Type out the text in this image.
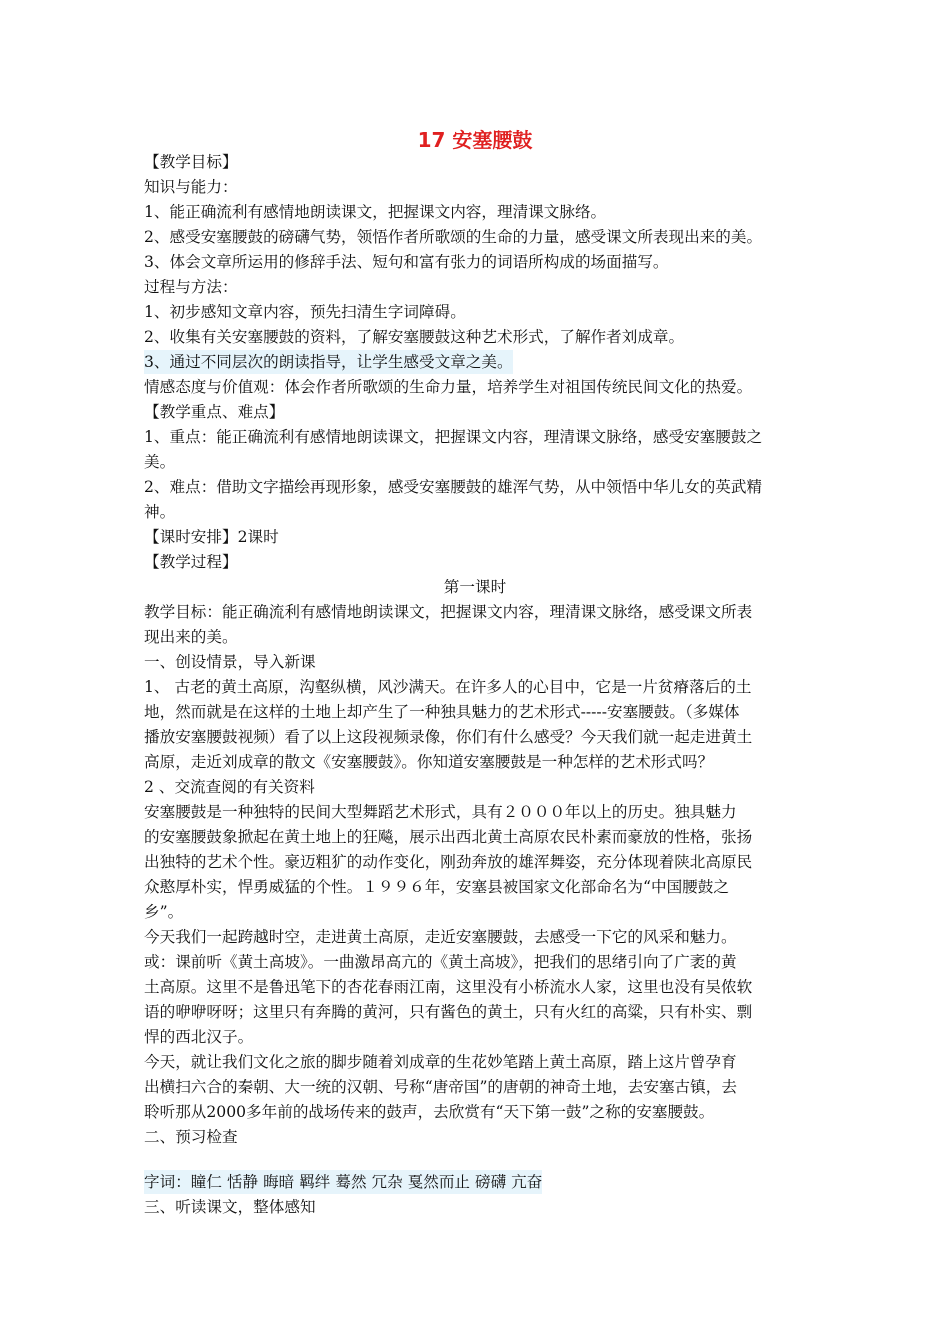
17 安塞腰鼓
【教学目标】
知识与能力：
1、能正确流利有感情地朗读课文，把握课文内容，理清课文脉络。
2、感受安塞腰鼓的磅礴气势，领悟作者所歌颂的生命的力量，感受课文所表现出来的美。
3、体会文章所运用的修辞手法、短句和富有张力的词语所构成的场面描写。
过程与方法：
1、初步感知文章内容，预先扫清生字词障碍。
2、收集有关安塞腰鼓的资料，了解安塞腰鼓这种艺术形式，了解作者刘成章。
3、通过不同层次的朗读指导，让学生感受文章之美。
情感态度与价值观：体会作者所歌颂的生命力量，培养学生对祖国传统民间文化的热爱。
【教学重点、难点】
1、重点：能正确流利有感情地朗读课文，把握课文内容，理清课文脉络，感受安塞腰鼓之
美。
2、难点：借助文字描绘再现形象，感受安塞腰鼓的雄浑气势，从中领悟中华儿女的英武精
神。
【课时安排】2课时
【教学过程】
第一课时
教学目标：能正确流利有感情地朗读课文，把握课文内容，理清课文脉络，感受课文所表
现出来的美。
一、创设情景，导入新课
1、 古老的黄土高原，沟壑纵横，风沙满天。在许多人的心目中，它是一片贫瘠落后的土
地，然而就是在这样的土地上却产生了一种独具魅力的艺术形式-----安塞腰鼓。（多媒体
播放安塞腰鼓视频）看了以上这段视频录像，你们有什么感受？今天我们就一起走进黄土
高原，走近刘成章的散文《安塞腰鼓》。你知道安塞腰鼓是一种怎样的艺术形式吗？
2 、交流查阅的有关资料
安塞腰鼓是一种独特的民间大型舞蹈艺术形式，具有２０００年以上的历史。独具魅力
的安塞腰鼓象掀起在黄土地上的狂飚，展示出西北黄土高原农民朴素而豪放的性格，张扬
出独特的艺术个性。豪迈粗犷的动作变化，刚劲奔放的雄浑舞姿，充分体现着陕北高原民
众憨厚朴实，悍勇威猛的个性。１９９６年，安塞县被国家文化部命名为“中国腰鼓之
乡”。
今天我们一起跨越时空，走进黄土高原，走近安塞腰鼓，去感受一下它的风采和魅力。
或：课前听《黄土高坡》。一曲激昂高亢的《黄土高坡》，把我们的思绪引向了广袤的黄
土高原。这里不是鲁迅笔下的杏花春雨江南，这里没有小桥流水人家，这里也没有吴侬软
语的咿咿呀呀；这里只有奔腾的黄河，只有酱色的黄土，只有火红的高粱，只有朴实、剽
悍的西北汉子。
今天，就让我们文化之旅的脚步随着刘成章的生花妙笔踏上黄土高原，踏上这片曾孕育
出横扫六合的秦朝、大一统的汉朝、号称“唐帝国”的唐朝的神奇土地，去安塞古镇，去
聆听那从2000多年前的战场传来的鼓声，去欣赏有“天下第一鼓”之称的安塞腰鼓。
二、预习检查
字词：瞳仁 恬静 晦暗 羁绊 蓦然 冗杂 戛然而止 磅礴 亢奋
三、听读课文，整体感知
